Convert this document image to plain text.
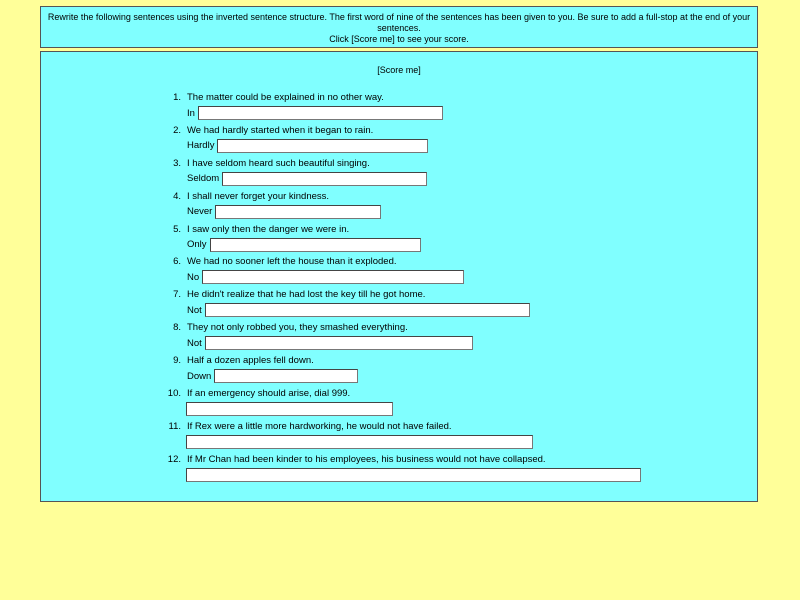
Rewrite the following sentences using the inverted sentence structure. The first word of nine of the sentences has been given to you. Be sure to add a full-stop at the end of your
sentences.
Click [Score me] to see your score.
[Score me]
1. The matter could be explained in no other way.
In
2. We had hardly started when it began to rain.
Hardly
3. I have seldom heard such beautiful singing.
Seldom
4. I shall never forget your kindness.
Never
5. I saw only then the danger we were in.
Only
6. We had no sooner left the house than it exploded.
No
7. He didn't realize that he had lost the key till he got home.
Not
8. They not only robbed you, they smashed everything.
Not
9. Half a dozen apples fell down.
Down
10. If an emergency should arise, dial 999.
11. If Rex were a little more hardworking, he would not have failed.
12. If Mr Chan had been kinder to his employees, his business would not have collapsed.
